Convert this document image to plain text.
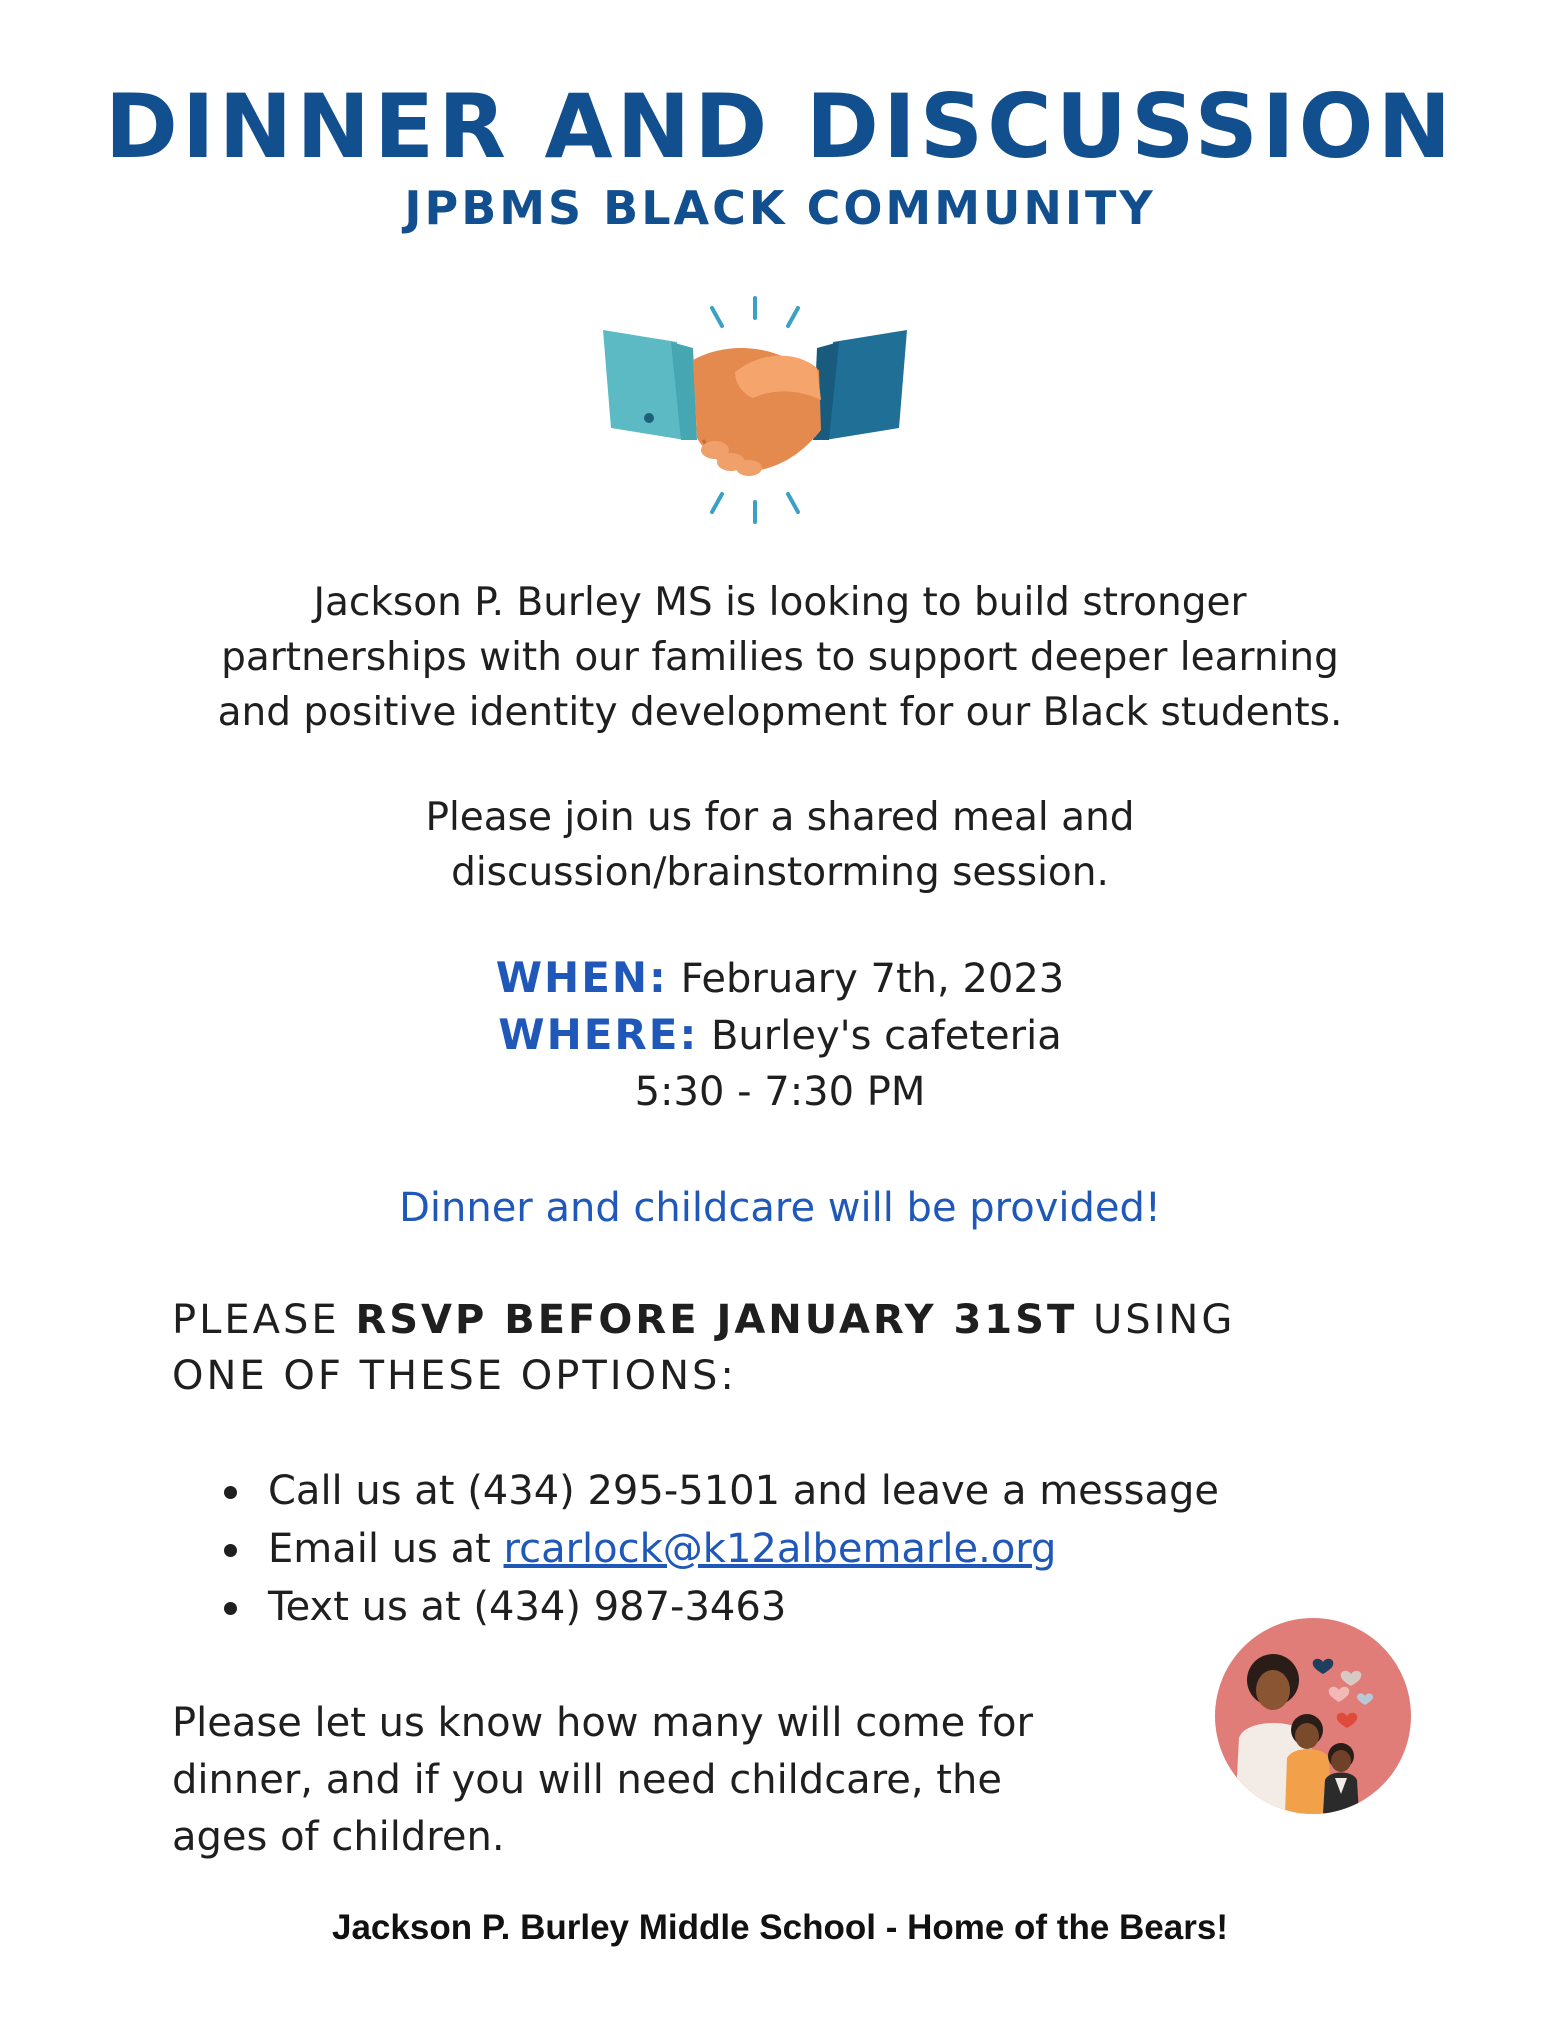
DINNER AND DISCUSSION
JPBMS BLACK COMMUNITY

Jackson P. Burley MS is looking to build stronger
partnerships with our families to support deeper learning
and positive identity development for our Black students.

Please join us for a shared meal and
discussion/brainstorming session.

WHEN: February 7th, 2023
WHERE: Burley's cafeteria
5:30 - 7:30 PM

Dinner and childcare will be provided!

PLEASE RSVP BEFORE JANUARY 31ST USING
ONE OF THESE OPTIONS:

Call us at (434) 295-5101 and leave a message
Email us at rcarlock@k12albemarle.org
Text us at (434) 987-3463

Please let us know how many will come for
dinner, and if you will need childcare, the
ages of children.

Jackson P. Burley Middle School - Home of the Bears!
